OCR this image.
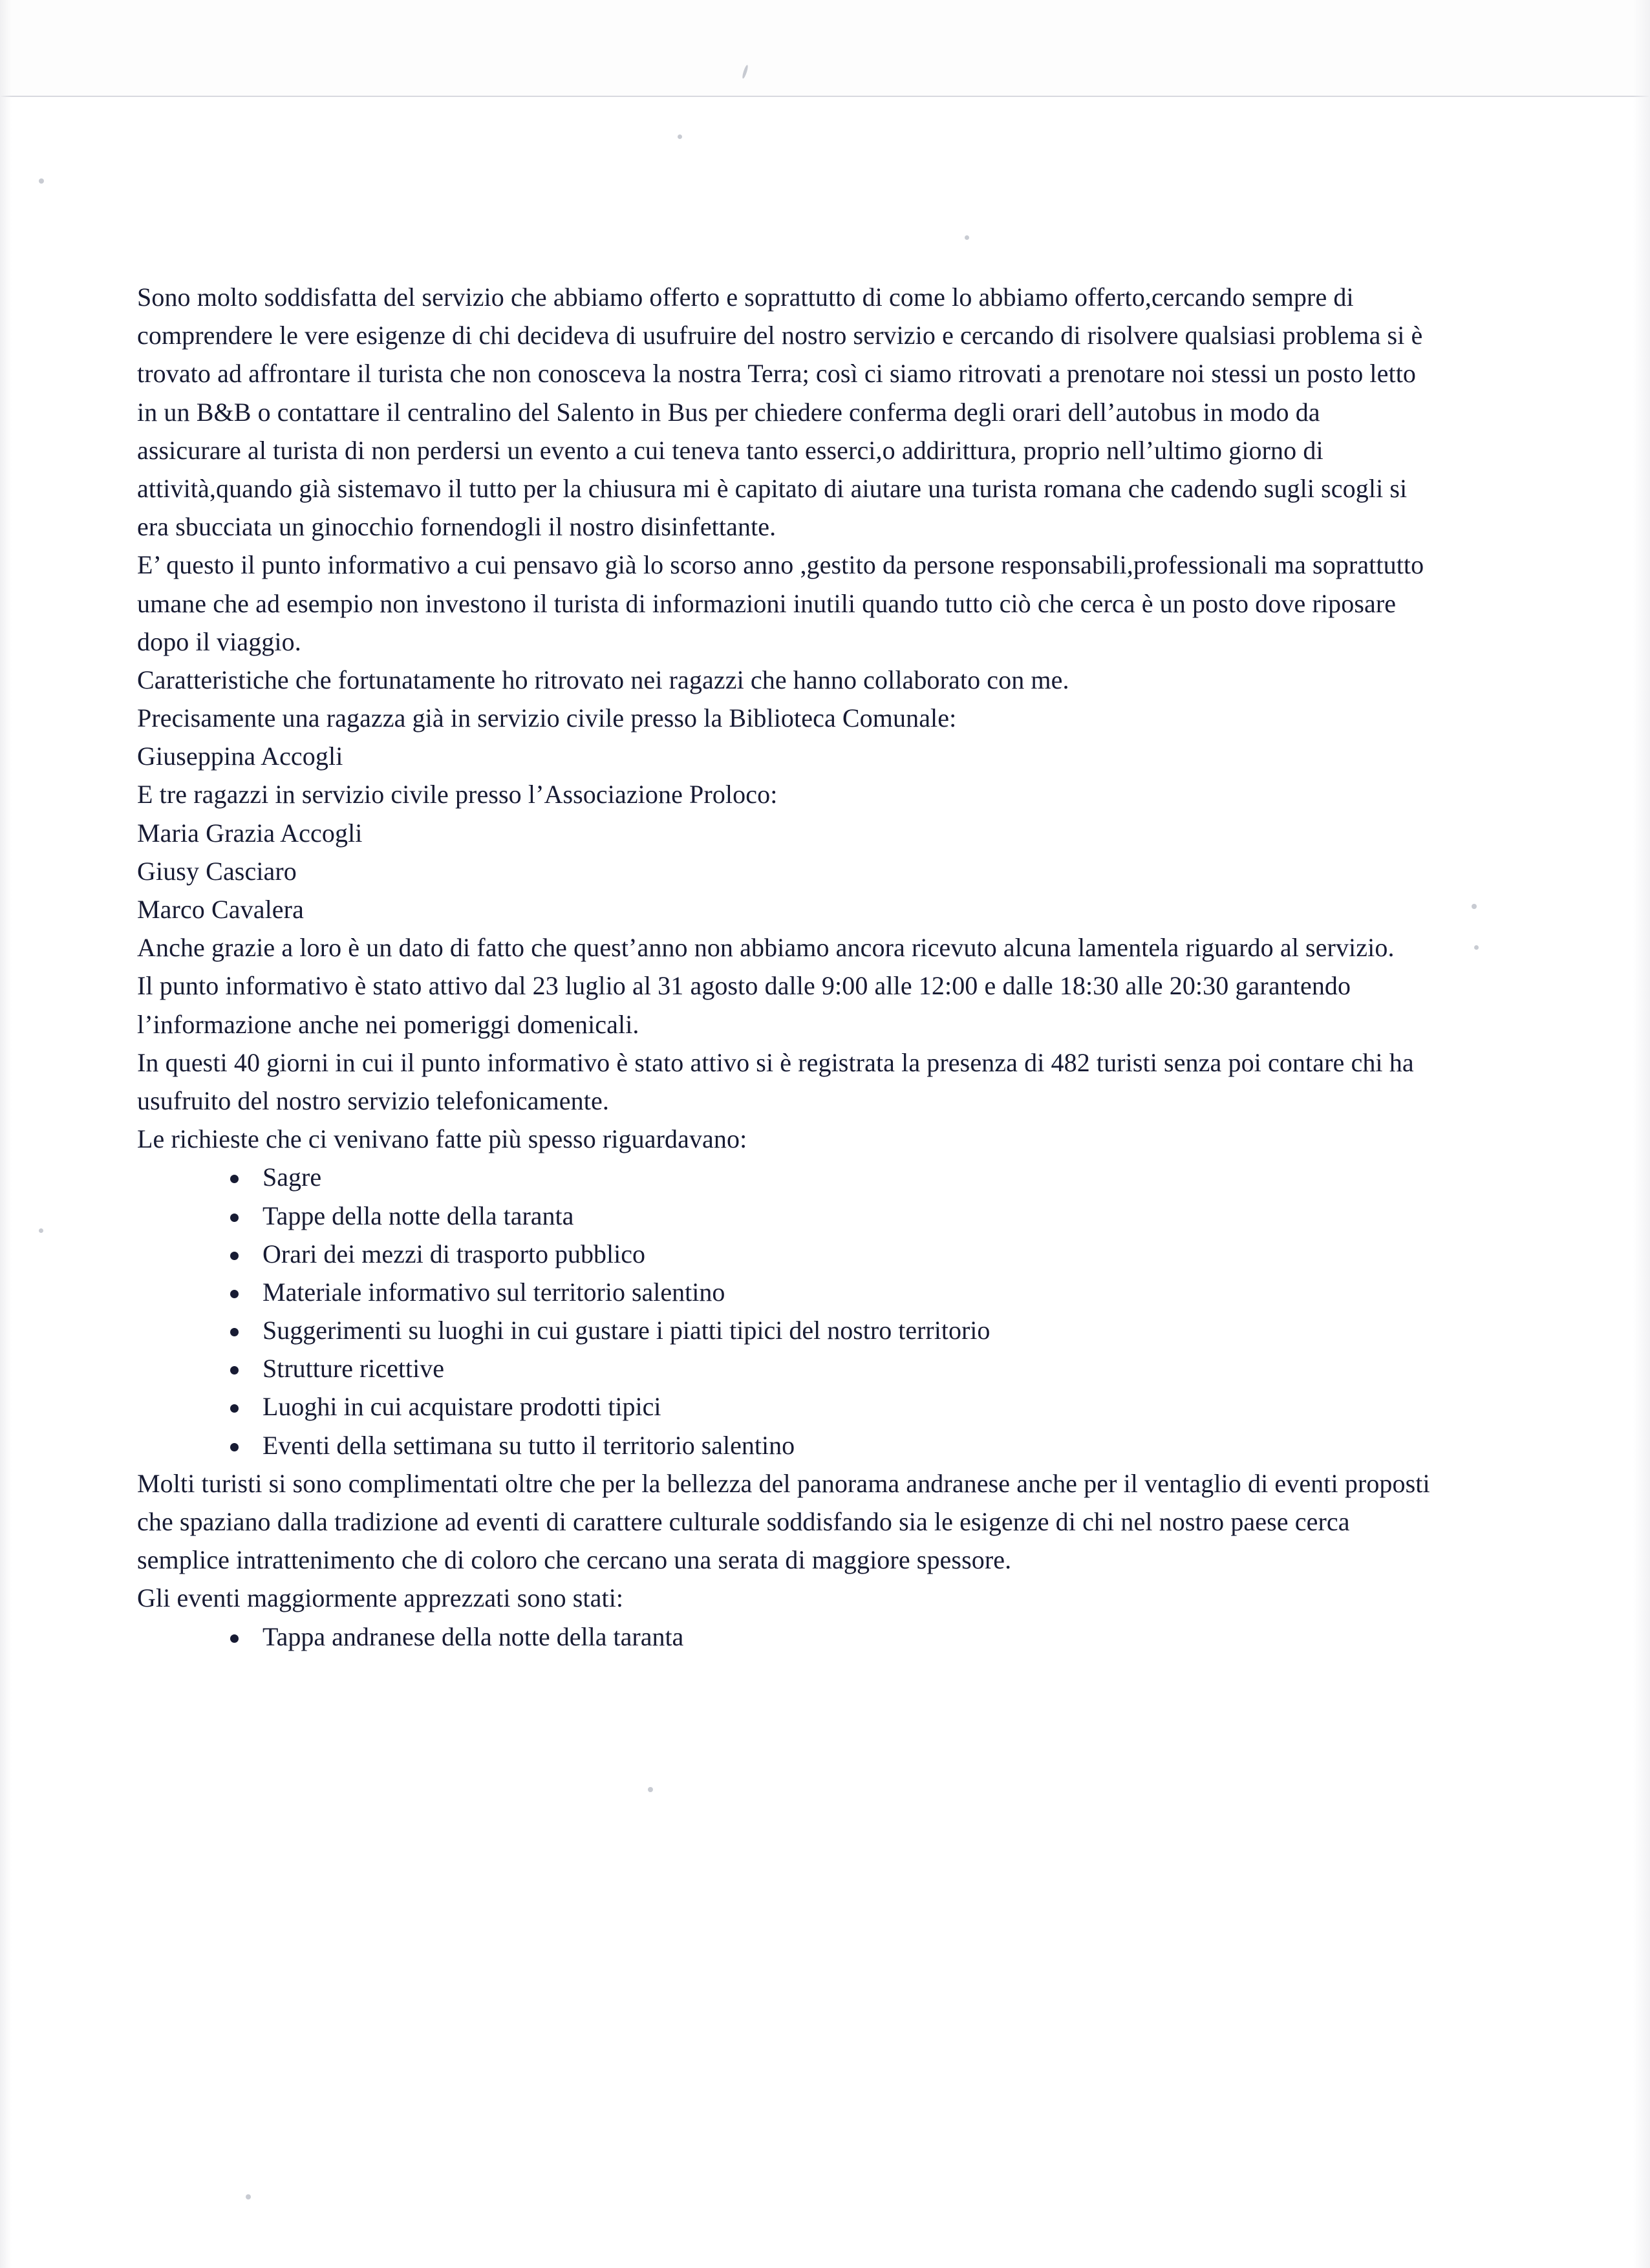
Sono molto soddisfatta del servizio che abbiamo offerto e soprattutto di come lo abbiamo offerto,cercando sempre di comprendere le vere esigenze di chi decideva di usufruire del nostro servizio e cercando di risolvere qualsiasi problema si è trovato ad affrontare il turista che non conosceva la nostra Terra; così ci siamo ritrovati a prenotare noi stessi un posto letto in un B&B o contattare il centralino del Salento in Bus per chiedere conferma degli orari dell’autobus in modo da assicurare al turista di non perdersi un evento a cui teneva tanto esserci,o addirittura, proprio nell’ultimo giorno di attività,quando già sistemavo il tutto per la chiusura mi è capitato di aiutare una turista romana che cadendo sugli scogli si era sbucciata un ginocchio fornendogli il nostro disinfettante.

E’ questo il punto informativo a cui pensavo già lo scorso anno ,gestito da persone responsabili,professionali ma soprattutto umane che ad esempio non investono il turista di informazioni inutili quando tutto ciò che cerca è un posto dove riposare dopo il viaggio.

Caratteristiche che fortunatamente ho ritrovato nei ragazzi che hanno collaborato con me.

Precisamente una ragazza già in servizio civile presso la Biblioteca Comunale:

Giuseppina Accogli

E tre ragazzi in servizio civile presso l’Associazione Proloco:

Maria Grazia Accogli

Giusy Casciaro

Marco Cavalera

Anche grazie a loro è un dato di fatto che quest’anno non abbiamo ancora ricevuto alcuna lamentela riguardo al servizio.

Il punto informativo è stato attivo dal 23 luglio al 31 agosto dalle 9:00 alle 12:00 e dalle 18:30 alle 20:30 garantendo l’informazione anche nei pomeriggi domenicali.

In questi 40 giorni in cui il punto informativo è stato attivo si è registrata la presenza di 482 turisti senza poi contare chi ha usufruito del nostro servizio telefonicamente.

Le richieste che ci venivano fatte più spesso riguardavano:

Sagre
Tappe della notte della taranta
Orari dei mezzi di trasporto pubblico
Materiale informativo sul territorio salentino
Suggerimenti su luoghi in cui gustare i piatti tipici del nostro territorio
Strutture ricettive
Luoghi in cui acquistare prodotti tipici
Eventi della settimana su tutto il territorio salentino

Molti turisti si sono complimentati oltre che per la bellezza del panorama andranese anche per il ventaglio di eventi proposti che spaziano dalla tradizione ad eventi di carattere culturale soddisfando sia le esigenze di chi nel nostro paese cerca semplice intrattenimento che di coloro che cercano una serata di maggiore spessore.

Gli eventi maggiormente apprezzati sono stati:

Tappa andranese della notte della taranta
